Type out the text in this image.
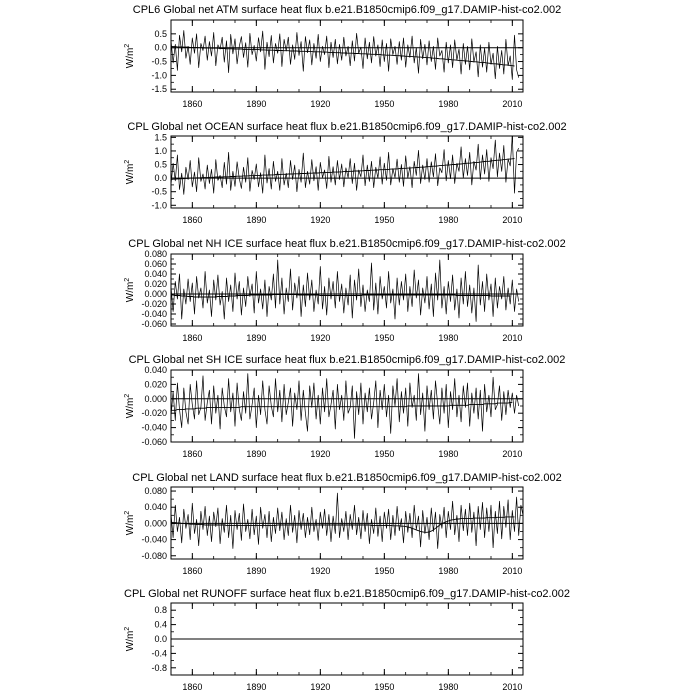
CPL6 Global net ATM surface heat flux b.e21.B1850cmip6.f09_g17.DAMIP-hist-co2.002
1860	1890	1920	1950	1980	2010
-1.5
-1.0
-0.5
0.0
0.5
$W/m^2$
CPL Global net OCEAN surface heat flux b.e21.B1850cmip6.f09_g17.DAMIP-hist-co2.002
1860	1890	1920	1950	1980	2010
-1.0
-0.5
0.0
0.5
1.0
1.5
$W/m^2$
CPL Global net NH ICE surface heat flux b.e21.B1850cmip6.f09_g17.DAMIP-hist-co2.002
1860	1890	1920	1950	1980	2010
-0.060
-0.040
-0.020
0.000
0.020
0.040
0.060
0.080
$W/m^2$
CPL Global net SH ICE surface heat flux b.e21.B1850cmip6.f09_g17.DAMIP-hist-co2.002
1860	1890	1920	1950	1980	2010
-0.060
-0.040
-0.020
0.000
0.020
0.040
$W/m^2$
CPL Global net LAND surface heat flux b.e21.B1850cmip6.f09_g17.DAMIP-hist-co2.002
1860	1890	1920	1950	1980	2010
-0.080
-0.040
0.000
0.040
0.080
$W/m^2$
CPL Global net RUNOFF surface heat flux b.e21.B1850cmip6.f09_g17.DAMIP-hist-co2.002
1860	1890	1920	1950	1980	2010
-0.8
-0.4
0.0
0.4
0.8
$W/m^2$
